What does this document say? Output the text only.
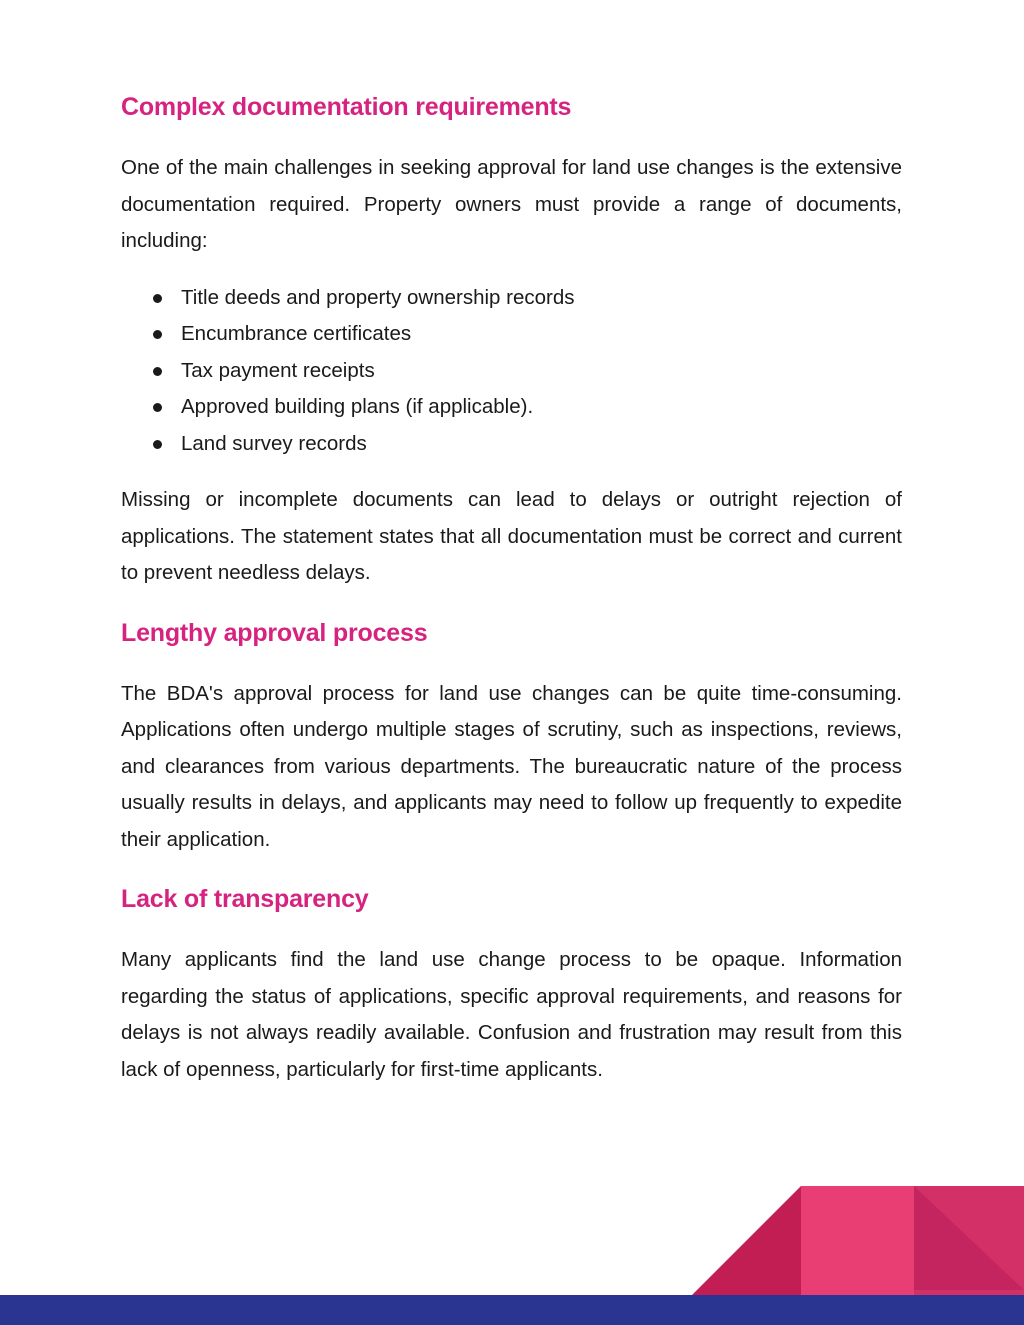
Complex documentation requirements

One of the main challenges in seeking approval for land use changes is the extensive documentation required. Property owners must provide a range of documents, including:

Title deeds and property ownership records
Encumbrance certificates
Tax payment receipts
Approved building plans (if applicable).
Land survey records

Missing or incomplete documents can lead to delays or outright rejection of applications. The statement states that all documentation must be correct and current to prevent needless delays.

Lengthy approval process

The BDA's approval process for land use changes can be quite time-consuming. Applications often undergo multiple stages of scrutiny, such as inspections, reviews, and clearances from various departments. The bureaucratic nature of the process usually results in delays, and applicants may need to follow up frequently to expedite their application.

Lack of transparency

Many applicants find the land use change process to be opaque. Information regarding the status of applications, specific approval requirements, and reasons for delays is not always readily available. Confusion and frustration may result from this lack of openness, particularly for first-time applicants.
